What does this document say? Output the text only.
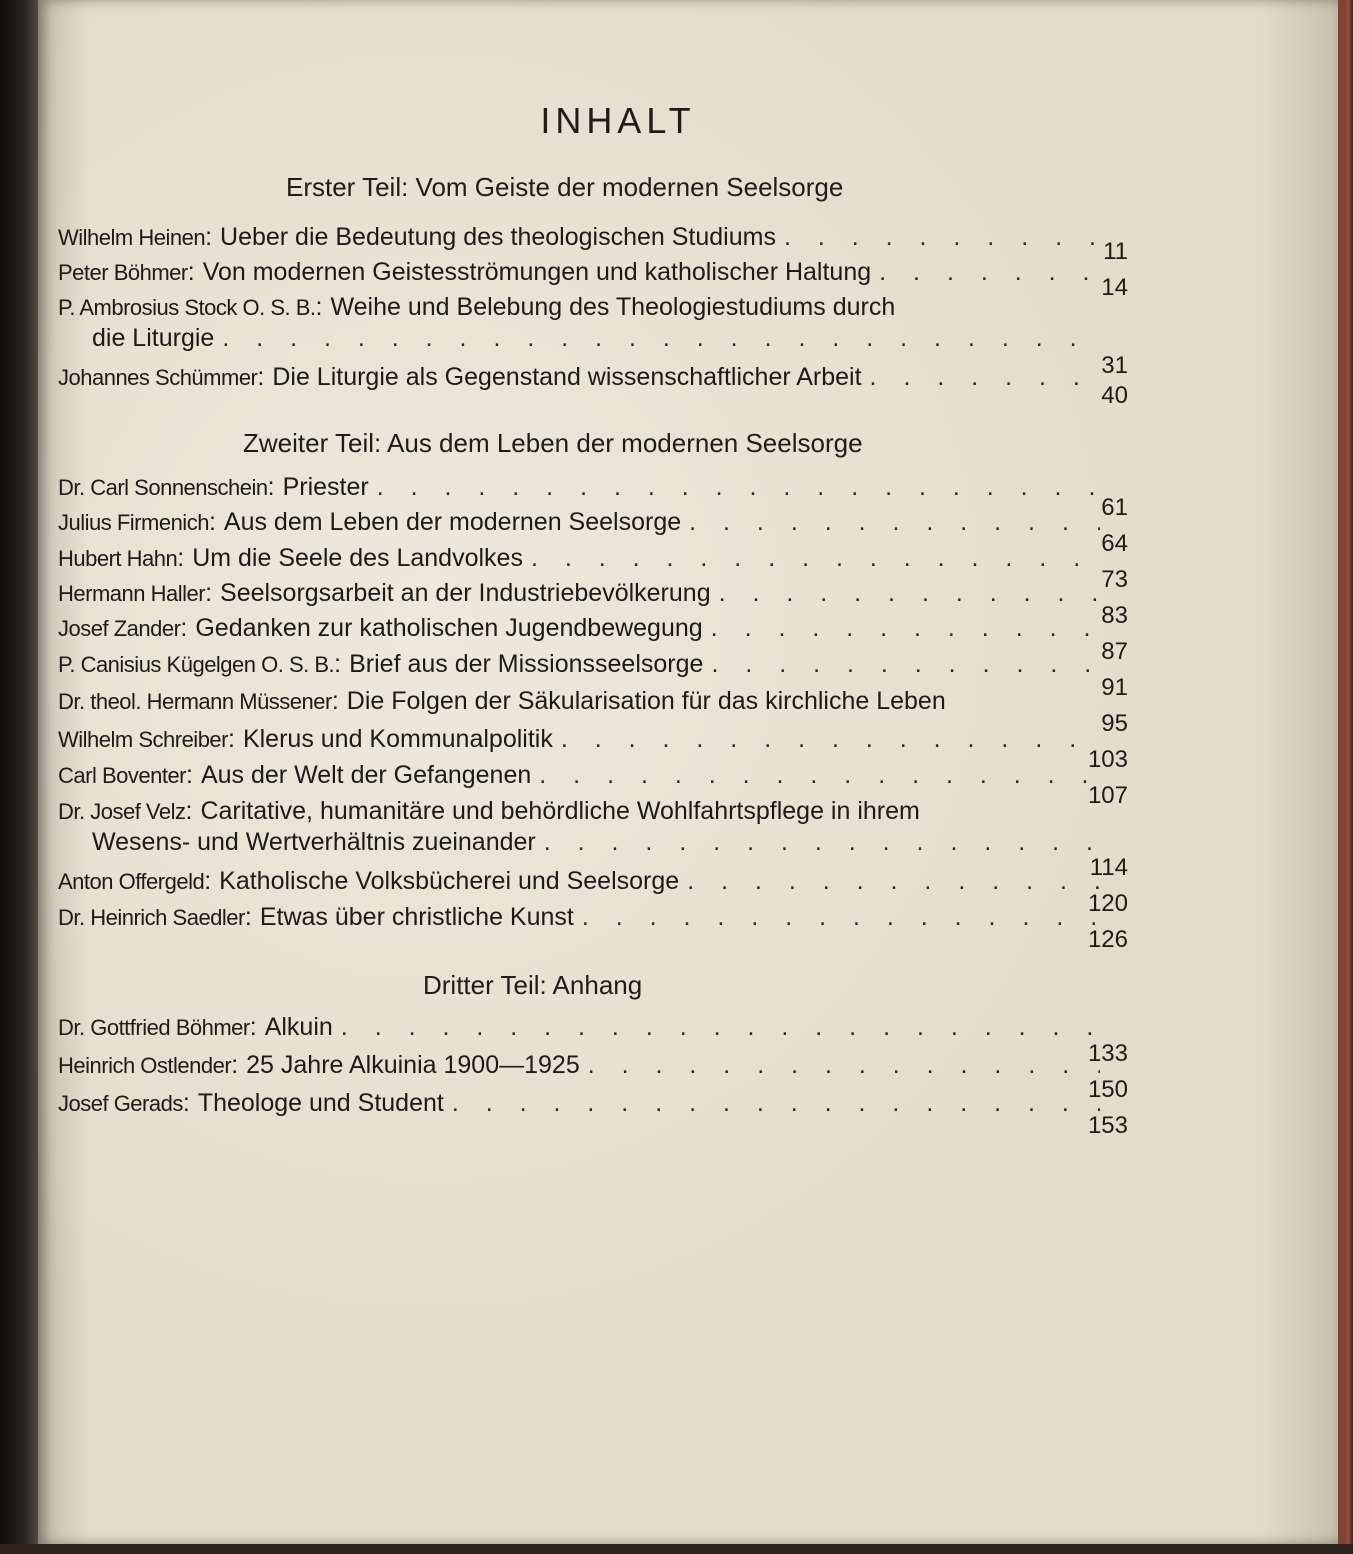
INHALT
Erster Teil: Vom Geiste der modernen Seelsorge
Wilhelm Heinen : Ueber die Bedeutung des theologischen Studiums
. . .
11
Peter Böhmer : Von modernen Geistesströmungen und katholischer Haltung
. . .
14
P. Ambrosius Stock O. S. B. : Weihe und Belebung des Theologiestudiums durch
die Liturgie
. . .
31
Johannes Schümmer : Die Liturgie als Gegenstand wissenschaftlicher Arbeit
. . .
40
Zweiter Teil: Aus dem Leben der modernen Seelsorge
Dr. Carl Sonnenschein : Priester
. . .
61
Julius Firmenich : Aus dem Leben der modernen Seelsorge
. . .
64
Hubert Hahn : Um die Seele des Landvolkes
. . .
73
Hermann Haller : Seelsorgsarbeit an der Industriebevölkerung
. . .
83
Josef Zander : Gedanken zur katholischen Jugendbewegung
. . .
87
P. Canisius Kügelgen O. S. B. : Brief aus der Missionsseelsorge
. . .
91
Dr. theol. Hermann Müssener : Die Folgen der Säkularisation für das kirchliche Leben
95
Wilhelm Schreiber : Klerus und Kommunalpolitik
. . .
103
Carl Boventer : Aus der Welt der Gefangenen
. . .
107
Dr. Josef Velz : Caritative, humanitäre und behördliche Wohlfahrtspflege in ihrem
Wesens- und Wertverhältnis zueinander
. . .
114
Anton Offergeld : Katholische Volksbücherei und Seelsorge
. . .
120
Dr. Heinrich Saedler : Etwas über christliche Kunst
. . .
126
Dritter Teil: Anhang
Dr. Gottfried Böhmer : Alkuin
. . .
133
Heinrich Ostlender : 25 Jahre Alkuinia 1900—1925
. . .
150
Josef Gerads : Theologe und Student
. . .
153
